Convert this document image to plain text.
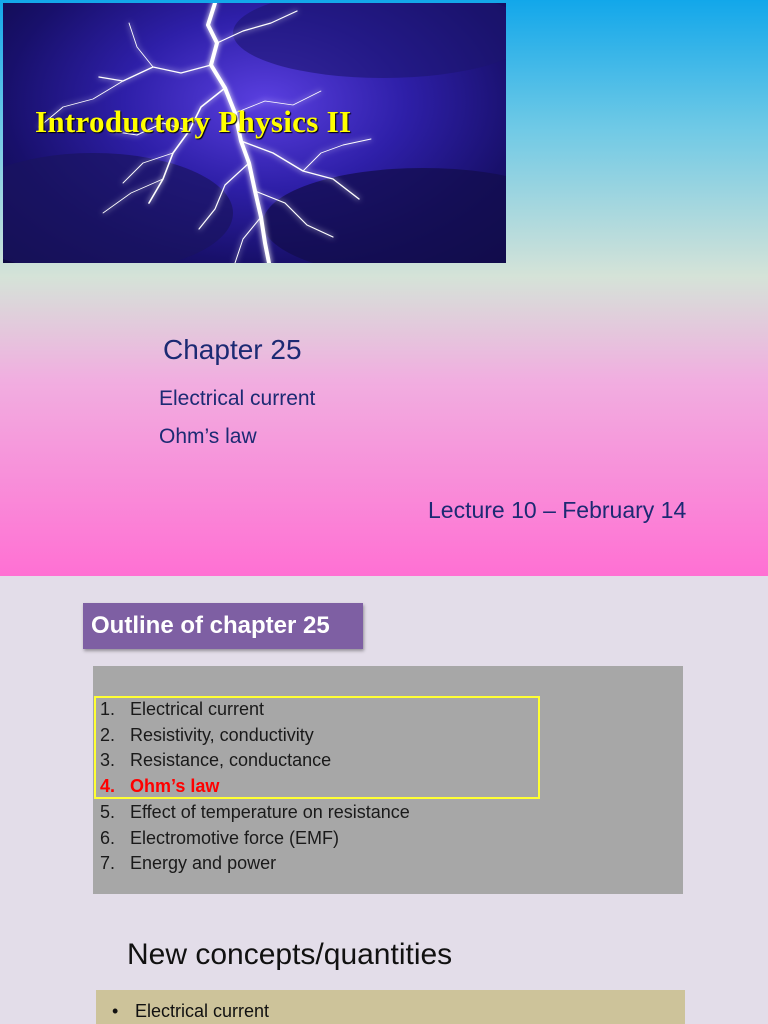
Introductory Physics II
Chapter 25
Electrical current
Ohm’s law
Lecture 10 – February 14
Outline of chapter 25
1. Electrical current
2. Resistivity, conductivity
3. Resistance, conductance
4. Ohm’s law
5. Effect of temperature on resistance
6. Electromotive force (EMF)
7. Energy and power
New concepts/quantities
• Electrical current
